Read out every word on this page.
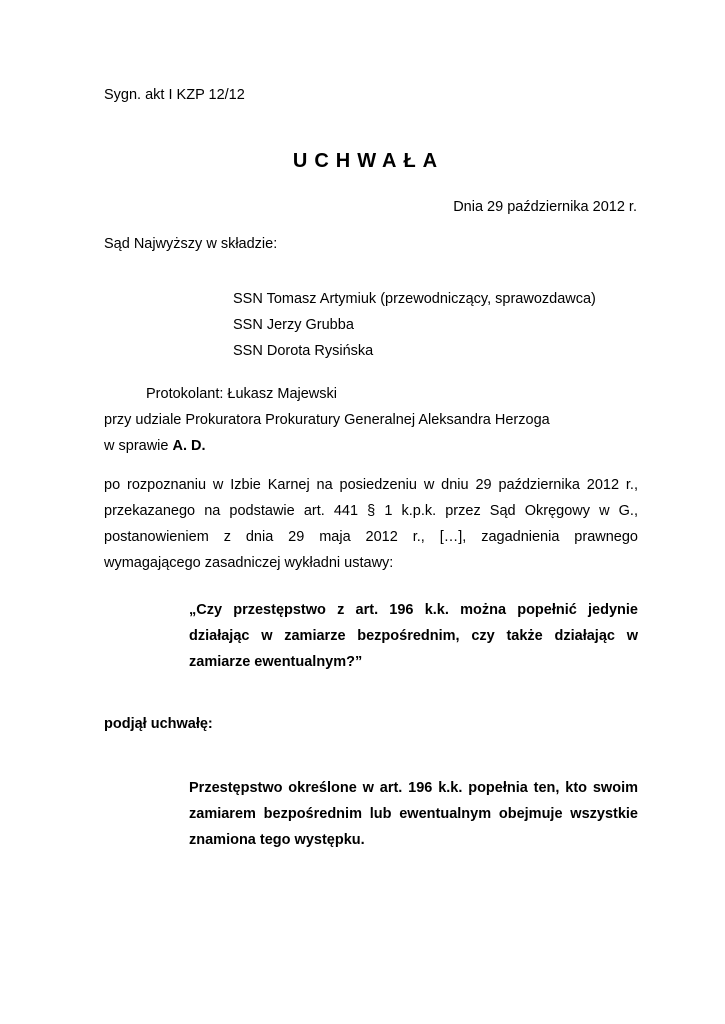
Sygn. akt I KZP 12/12
UCHWAŁA
Dnia 29 października 2012 r.
Sąd Najwyższy w składzie:
SSN Tomasz Artymiuk (przewodniczący, sprawozdawca)
SSN Jerzy Grubba
SSN Dorota Rysińska
Protokolant: Łukasz Majewski
przy udziale Prokuratora Prokuratury Generalnej Aleksandra Herzoga
w sprawie A. D.
po rozpoznaniu w Izbie Karnej na posiedzeniu w dniu 29 października 2012 r., przekazanego na podstawie art. 441 § 1 k.p.k. przez Sąd Okręgowy w G., postanowieniem z dnia 29 maja 2012 r., […], zagadnienia prawnego wymagającego zasadniczej wykładni ustawy:
„Czy przestępstwo z art. 196 k.k. można popełnić jedynie działając w zamiarze bezpośrednim, czy także działając w zamiarze ewentualnym?”
podjął uchwałę:
Przestępstwo określone w art. 196 k.k. popełnia ten, kto swoim zamiarem bezpośrednim lub ewentualnym obejmuje wszystkie znamiona tego występku.
